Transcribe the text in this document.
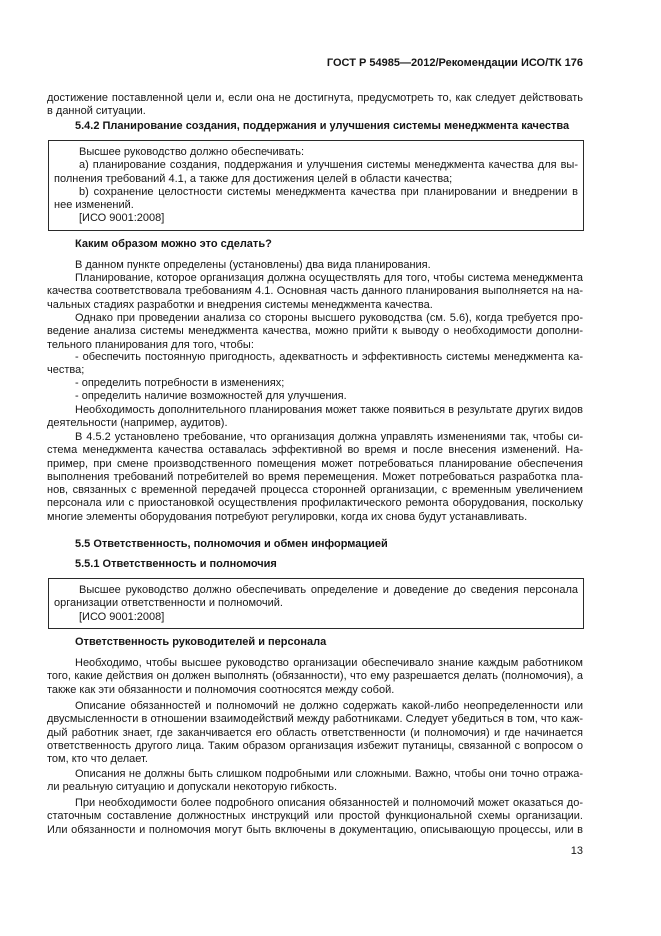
ГОСТ Р 54985—2012/Рекомендации ИСО/ТК 176
достижение поставленной цели и, если она не достигнута, предусмотреть то, как следует действовать
в данной ситуации.
5.4.2 Планирование создания, поддержания и улучшения системы менеджмента качества
Высшее руководство должно обеспечивать:
а) планирование создания, поддержания и улучшения системы менеджмента качества для вы-
полнения требований 4.1, а также для достижения целей в области качества;
b) сохранение целостности системы менеджмента качества при планировании и внедрении в
нее изменений.
[ИСО 9001:2008]
Каким образом можно это сделать?
В данном пункте определены (установлены) два вида планирования.
Планирование, которое организация должна осуществлять для того, чтобы система менеджмента
качества соответствовала требованиям 4.1. Основная часть данного планирования выполняется на на-
чальных стадиях разработки и внедрения системы менеджмента качества.
Однако при проведении анализа со стороны высшего руководства (см. 5.6), когда требуется про-
ведение анализа системы менеджмента качества, можно прийти к выводу о необходимости дополни-
тельного планирования для того, чтобы:
- обеспечить постоянную пригодность, адекватность и эффективность системы менеджмента ка-
чества;
- определить потребности в изменениях;
- определить наличие возможностей для улучшения.
Необходимость дополнительного планирования может также появиться в результате других видов
деятельности (например, аудитов).
В 4.5.2 установлено требование, что организация должна управлять изменениями так, чтобы си-
стема менеджмента качества оставалась эффективной во время и после внесения изменений. На-
пример, при смене производственного помещения может потребоваться планирование обеспечения
выполнения требований потребителей во время перемещения. Может потребоваться разработка пла-
нов, связанных с временной передачей процесса сторонней организации, с временным увеличением
персонала или с приостановкой осуществления профилактического ремонта оборудования, поскольку
многие элементы оборудования потребуют регулировки, когда их снова будут устанавливать.
5.5 Ответственность, полномочия и обмен информацией
5.5.1 Ответственность и полномочия
Высшее руководство должно обеспечивать определение и доведение до сведения персонала
организации ответственности и полномочий.
[ИСО 9001:2008]
Ответственность руководителей и персонала
Необходимо, чтобы высшее руководство организации обеспечивало знание каждым работником
того, какие действия он должен выполнять (обязанности), что ему разрешается делать (полномочия), а
также как эти обязанности и полномочия соотносятся между собой.
Описание обязанностей и полномочий не должно содержать какой-либо неопределенности или
двусмысленности в отношении взаимодействий между работниками. Следует убедиться в том, что каж-
дый работник знает, где заканчивается его область ответственности (и полномочия) и где начинается
ответственность другого лица. Таким образом организация избежит путаницы, связанной с вопросом о
том, кто что делает.
Описания не должны быть слишком подробными или сложными. Важно, чтобы они точно отража-
ли реальную ситуацию и допускали некоторую гибкость.
При необходимости более подробного описания обязанностей и полномочий может оказаться до-
статочным составление должностных инструкций или простой функциональной схемы организации.
Или обязанности и полномочия могут быть включены в документацию, описывающую процессы, или в
13
